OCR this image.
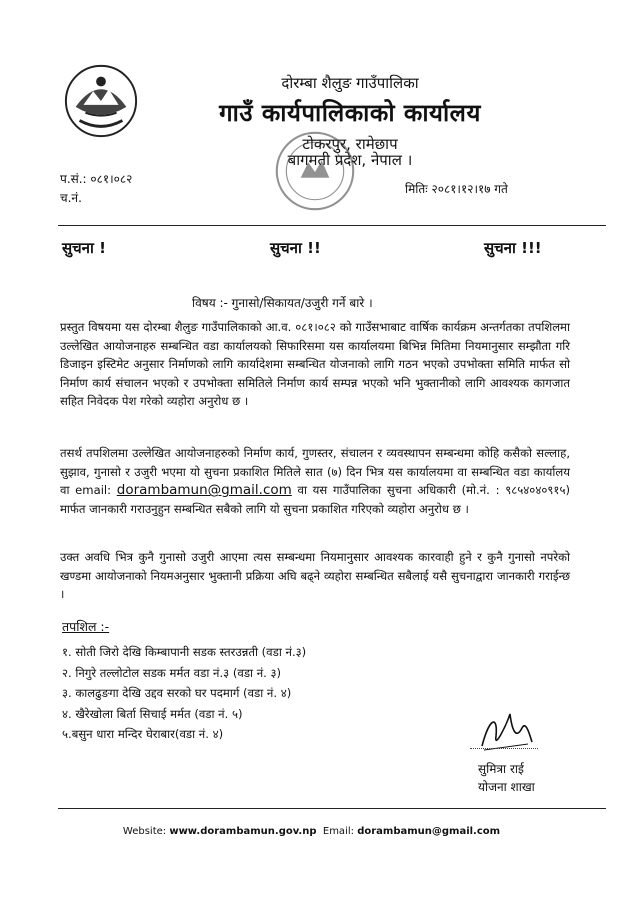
दोरम्बा शैलुङ गाउँपालिका
गाउँ कार्यपालिकाको कार्यालय
टोकरपुर, रामेछाप
बागमती प्रदेश, नेपाल ।
प.सं.: ०८१।०८२
च.नं.
मितिः २०८१।१२।१७ गते
सुचना !	सुचना !!	सुचना !!!
विषय :- गुनासो/सिकायत/उजुरी गर्ने बारे ।
प्रस्तुत विषयमा यस दोरम्बा शैलुङ गाउँपालिकाको आ.व. ०८१।०८२ को गाउँसभाबाट वार्षिक कार्यक्रम अन्तर्गतका तपशिलमा उल्लेखित आयोजनाहरु सम्बन्धित वडा कार्यालयको सिफारिसमा यस कार्यालयमा बिभिन्न मितिमा नियमानुसार सम्झौता गरि डिजाइन इस्टिमेट अनुसार निर्माणको लागि कार्यादेशमा सम्बन्धित योजनाको लागि गठन भएको उपभोक्ता समिति मार्फत सो निर्माण कार्य संचालन भएको र उपभोक्ता समितिले निर्माण कार्य सम्पन्न भएको भनि भुक्तानीको लागि आवश्यक कागजात सहित निवेदक पेश गरेको व्यहोरा अनुरोध छ ।
तसर्थ तपशिलमा उल्लेखित आयोजनाहरुको निर्माण कार्य, गुणस्तर, संचालन र व्यवस्थापन सम्बन्धमा कोहि कसैको सल्लाह, सुझाव, गुनासो र उजुरी भएमा यो सुचना प्रकाशित मितिले सात (७) दिन भित्र यस कार्यालयमा वा सम्बन्धित वडा कार्यालय वा email: dorambamun@gmail.com वा यस गाउँपालिका सुचना अधिकारी (मो.नं. : ९८५४०४०९१५) मार्फत जानकारी गराउनुहुन सम्बन्धित सबैको लागि यो सुचना प्रकाशित गरिएको व्यहोरा अनुरोध छ ।
उक्त अवधि भित्र कुनै गुनासो उजुरी आएमा त्यस सम्बन्धमा नियमानुसार आवश्यक कारवाही हुने र कुनै गुनासो नपरेको खण्डमा आयोजनाको नियमअनुसार भुक्तानी प्रक्रिया अघि बढ्ने व्यहोरा सम्बन्धित सबैलाई यसै सुचनाद्वारा जानकारी गराईन्छ ।
तपशिल :-
१. सोती जिरो देखि किम्बापानी सडक स्तरउन्नती (वडा नं.३)
२. निगुरे तल्लोटोल सडक मर्मत वडा नं.३ (वडा नं. ३)
३. कालढुङगा देखि उद्दव सरको घर पदमार्ग (वडा नं. ४)
४. खैरेखोला बिर्ता सिचाई मर्मत (वडा नं. ५)
५.बसुन धारा मन्दिर घेराबार(वडा नं. ४)
सुमित्रा राई
योजना शाखा
Website: www.dorambamun.gov.np Email: dorambamun@gmail.com
